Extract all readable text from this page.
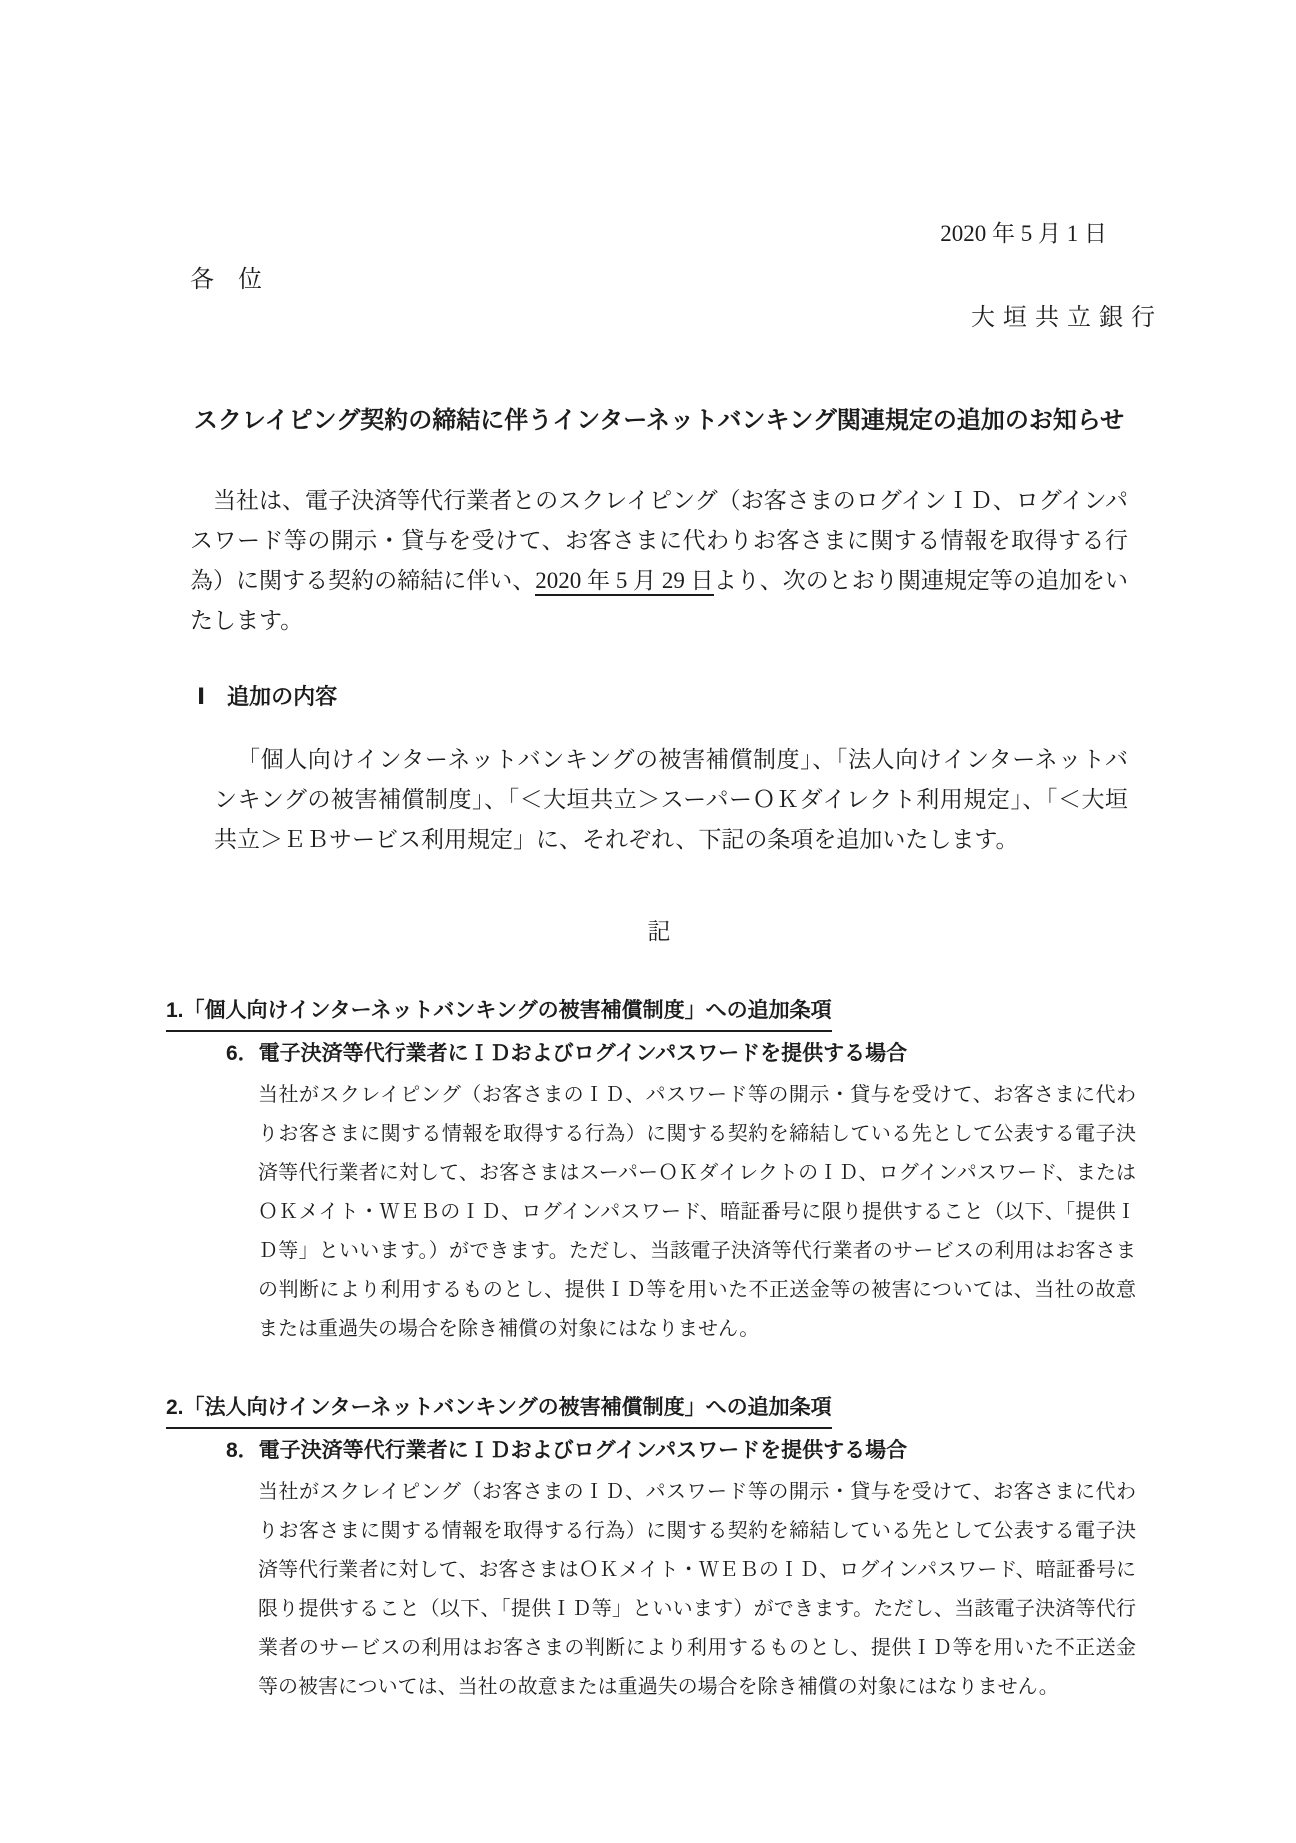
2020 年 5 月 1 日
各　位
大垣共立銀行
スクレイピング契約の締結に伴うインターネットバンキング関連規定の追加のお知らせ

当社は、電子決済等代行業者とのスクレイピング（お客さまのログインＩＤ、ログインパスワード等の開示・貸与を受けて、お客さまに代わりお客さまに関する情報を取得する行為）に関する契約の締結に伴い、2020 年 5 月 29 日より、次のとおり関連規定等の追加をいたします。

Ⅰ　追加の内容

「個人向けインターネットバンキングの被害補償制度」、「法人向けインターネットバンキングの被害補償制度」、「＜大垣共立＞スーパーＯＫダイレクト利用規定」、「＜大垣共立＞ＥＢサービス利用規定」に、それぞれ、下記の条項を追加いたします。

記
1.「個人向けインターネットバンキングの被害補償制度」への追加条項
6．電子決済等代行業者にＩＤおよびログインパスワードを提供する場合

当社がスクレイピング（お客さまのＩＤ、パスワード等の開示・貸与を受けて、お客さまに代わりお客さまに関する情報を取得する行為）に関する契約を締結している先として公表する電子決済等代行業者に対して、お客さまはスーパーＯＫダイレクトのＩＤ、ログインパスワード、またはＯＫメイト・ＷＥＢのＩＤ、ログインパスワード、暗証番号に限り提供すること（以下、「提供ＩＤ等」といいます。）ができます。ただし、当該電子決済等代行業者のサービスの利用はお客さまの判断により利用するものとし、提供ＩＤ等を用いた不正送金等の被害については、当社の故意または重過失の場合を除き補償の対象にはなりません。

2.「法人向けインターネットバンキングの被害補償制度」への追加条項
8．電子決済等代行業者にＩＤおよびログインパスワードを提供する場合

当社がスクレイピング（お客さまのＩＤ、パスワード等の開示・貸与を受けて、お客さまに代わりお客さまに関する情報を取得する行為）に関する契約を締結している先として公表する電子決済等代行業者に対して、お客さまはＯＫメイト・ＷＥＢのＩＤ、ログインパスワード、暗証番号に限り提供すること（以下、「提供ＩＤ等」といいます）ができます。ただし、当該電子決済等代行業者のサービスの利用はお客さまの判断により利用するものとし、提供ＩＤ等を用いた不正送金等の被害については、当社の故意または重過失の場合を除き補償の対象にはなりません。
